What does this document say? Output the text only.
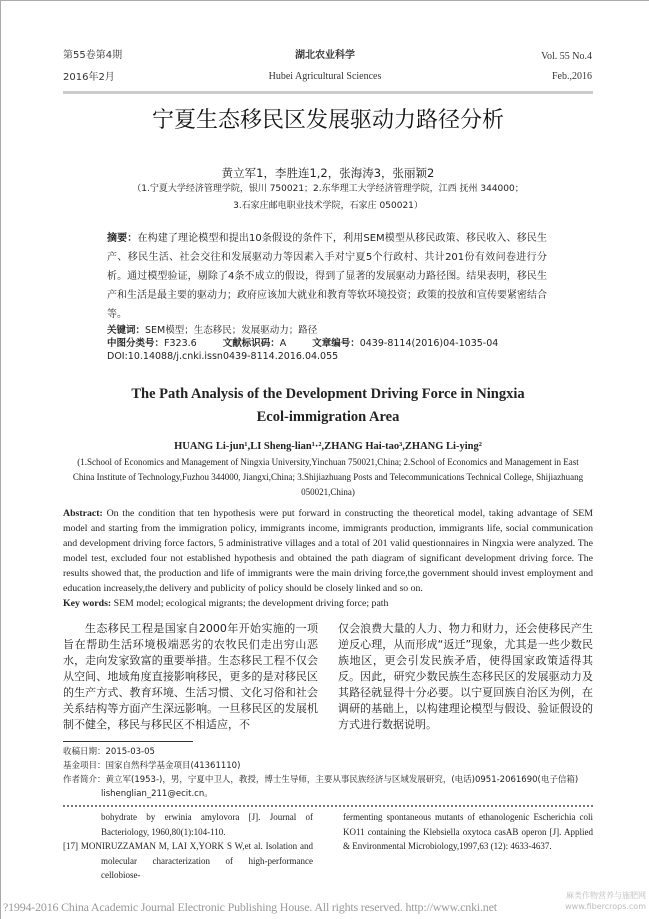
第55卷第4期
2016年2月
湖北农业科学
Hubei Agricultural Sciences
Vol. 55 No.4
Feb.,2016
宁夏生态移民区发展驱动力路径分析
黄立军1，李胜连1,2，张海涛3，张丽颖2
（1.宁夏大学经济管理学院，银川 750021；2.东华理工大学经济管理学院，江西 抚州 344000；
3.石家庄邮电职业技术学院，石家庄 050021）
摘要：在构建了理论模型和提出10条假设的条件下，利用SEM模型从移民政策、移民收入、移民生产、移民生活、社会交往和发展驱动力等因素入手对宁夏5个行政村、共计201份有效问卷进行分析。通过模型验证，剔除了4条不成立的假设，得到了显著的发展驱动力路径图。结果表明，移民生产和生活是最主要的驱动力；政府应该加大就业和教育等软环境投资；政策的投放和宣传要紧密结合等。
关键词：SEM模型；生态移民；发展驱动力；路径
中图分类号：F323.6	文献标识码：A	文章编号：0439-8114(2016)04-1035-04
DOI:10.14088/j.cnki.issn0439-8114.2016.04.055
The Path Analysis of the Development Driving Force in Ningxia
Ecol-immigration Area
HUANG Li-jun¹,LI Sheng-lian¹·²,ZHANG Hai-tao³,ZHANG Li-ying²
(1.School of Economics and Management of Ningxia University,Yinchuan 750021,China; 2.School of Economics and Management in East China Institute of Technology,Fuzhou 344000, Jiangxi,China; 3.Shijiazhuang Posts and Telecommunications Technical College, Shijiazhuang 050021,China)
Abstract: On the condition that ten hypothesis were put forward in constructing the theoretical model, taking advantage of SEM model and starting from the immigration policy, immigrants income, immigrants production, immigrants life, social communication and development driving force factors, 5 administrative villages and a total of 201 valid questionnaires in Ningxia were analyzed. The model test, excluded four not established hypothesis and obtained the path diagram of significant development driving force. The results showed that, the production and life of immigrants were the main driving force,the government should invest employment and education increasely,the delivery and publicity of policy should be closely linked and so on.
Key words: SEM model; ecological migrants; the development driving force; path
生态移民工程是国家自2000年开始实施的一项旨在帮助生活环境极端恶劣的农牧民们走出穷山恶水，走向发家致富的重要举措。生态移民工程不仅会从空间、地域角度直接影响移民，更多的是对移民区的生产方式、教育环境、生活习惯、文化习俗和社会关系结构等方面产生深远影响。一旦移民区的发展机制不健全，移民与移民区不相适应，不
仅会浪费大量的人力、物力和财力，还会使移民产生逆反心理，从而形成“返迁”现象，尤其是一些少数民族地区，更会引发民族矛盾，使得国家政策适得其反。因此，研究少数民族生态移民区的发展驱动力及其路径就显得十分必要。以宁夏回族自治区为例，在调研的基础上，以构建理论模型与假设、验证假设的方式进行数据说明。
收稿日期：2015-03-05
基金项目：国家自然科学基金项目(41361110)
作者简介：黄立军(1953-)，男，宁夏中卫人，教授，博士生导师，主要从事民族经济与区域发展研究，(电话)0951-2061690(电子信箱)
lishenglian_211@ecit.cn。
bohydrate by erwinia amylovora [J]. Journal of Bacteriology, 1960,80(1):104-110.
[17] MONIRUZZAMAN M, LAI X,YORK S W,et al. Isolation and molecular characterization of high-performance cellobiose-
fermenting spontaneous mutants of ethanologenic Escherichia coli KO11 containing the Klebsiella oxytoca casAB operon [J]. Applied & Environmental Microbiology,1997,63 (12): 4633-4637.
?1994-2016 China Academic Journal Electronic Publishing House. All rights reserved. http://www.cnki.net
麻类作物营养与施肥网
www.fibercrops.com
